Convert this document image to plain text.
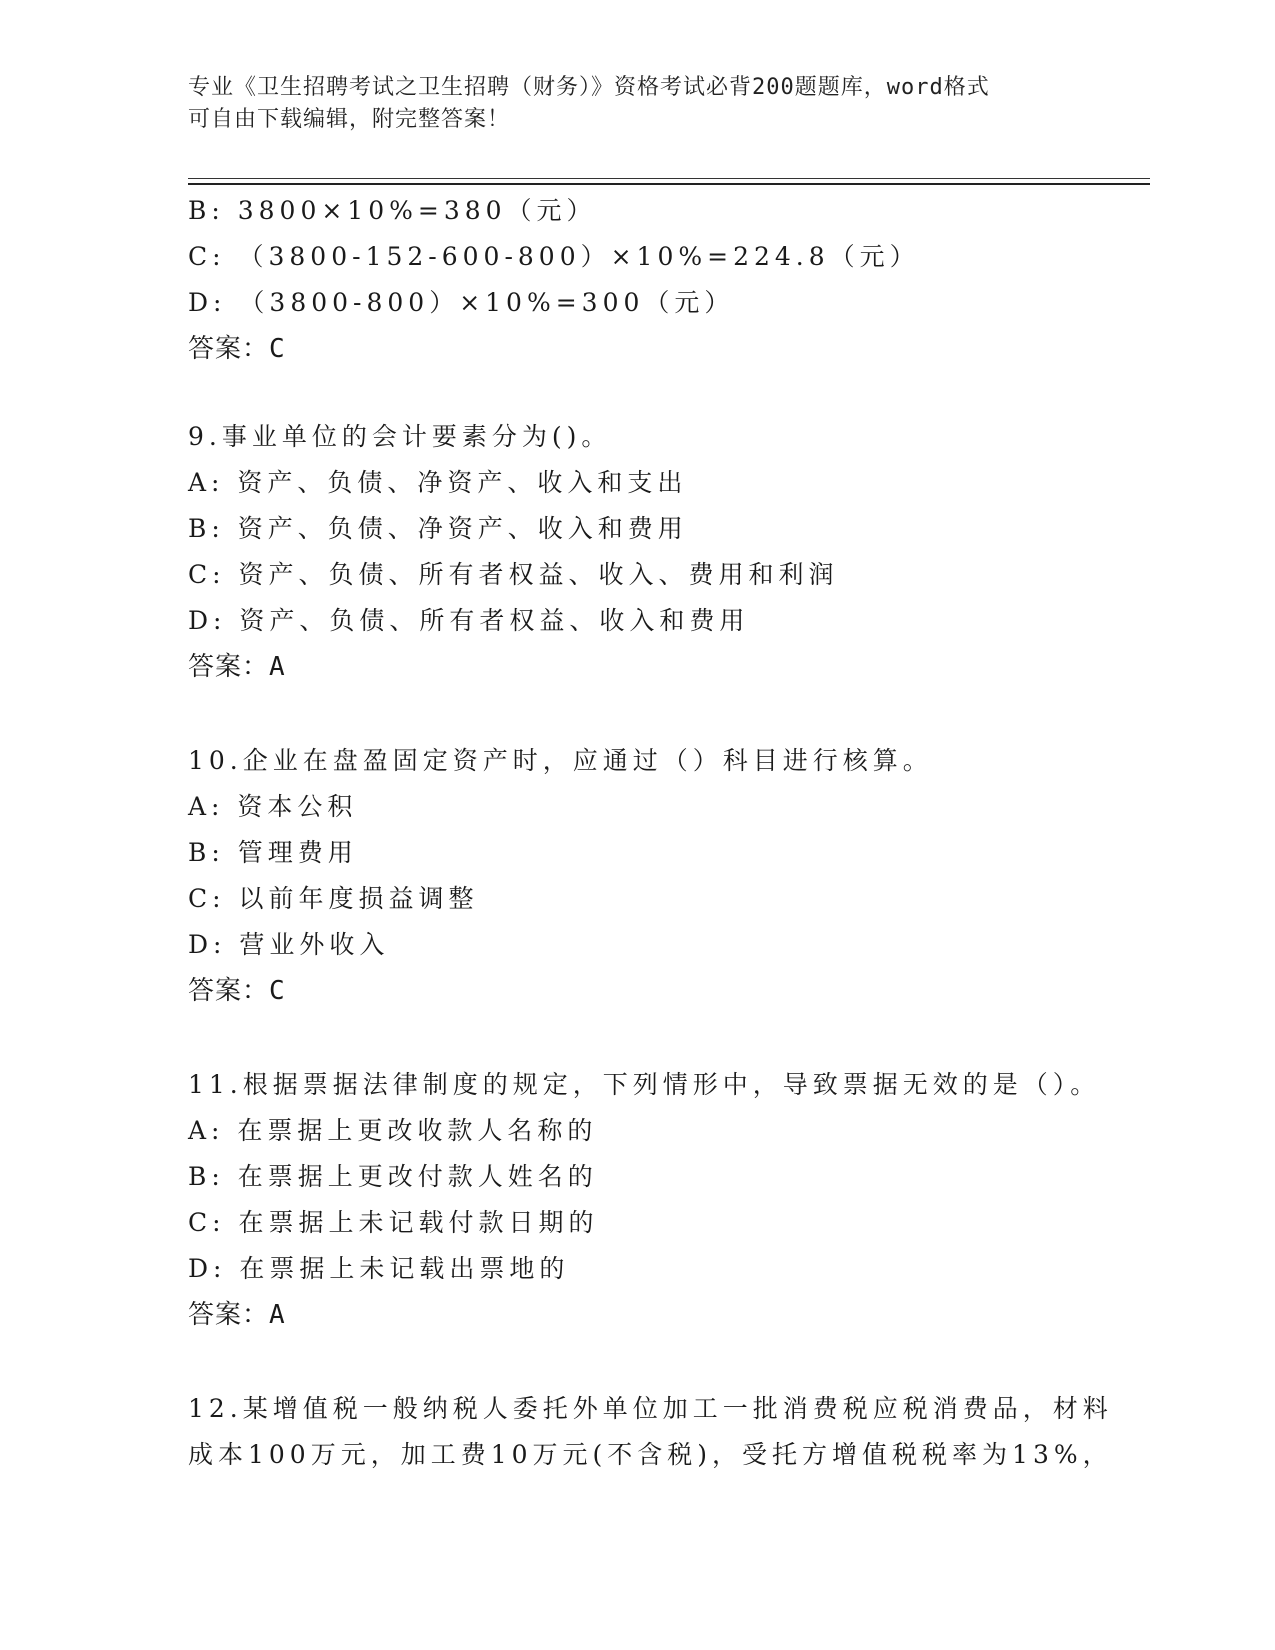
专业《卫生招聘考试之卫生招聘（财务）》资格考试必背200题题库，word格式
可自由下载编辑，附完整答案！
B: 3800×10%=380（元）
C: （3800-152-600-800）×10%=224.8（元）
D: （3800-800）×10%=300（元）
答案：C
9.事业单位的会计要素分为()。
A: 资产、负债、净资产、收入和支出
B: 资产、负债、净资产、收入和费用
C: 资产、负债、所有者权益、收入、费用和利润
D: 资产、负债、所有者权益、收入和费用
答案：A
10.企业在盘盈固定资产时，应通过（）科目进行核算。
A: 资本公积
B: 管理费用
C: 以前年度损益调整
D: 营业外收入
答案：C
11.根据票据法律制度的规定，下列情形中，导致票据无效的是（）。
A: 在票据上更改收款人名称的
B: 在票据上更改付款人姓名的
C: 在票据上未记载付款日期的
D: 在票据上未记载出票地的
答案：A
12.某增值税一般纳税人委托外单位加工一批消费税应税消费品，材料
成本100万元，加工费10万元(不含税)，受托方增值税税率为13%，
